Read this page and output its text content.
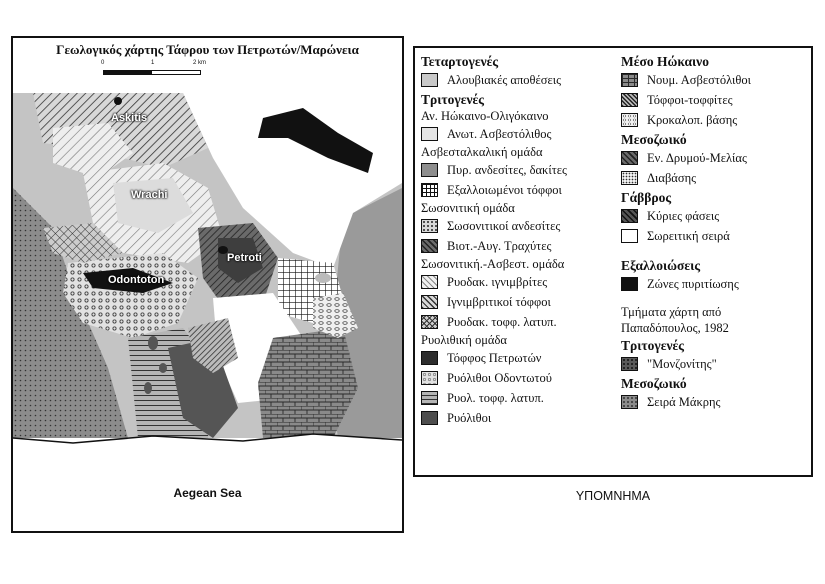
Γεωλογικός χάρτης Τάφρου των Πετρωτών/Μαρώνεια
0	1	2 km
Askitis
Wrachi
Petroti
Odontoton
Aegean Sea
Τεταρτογενές
Αλουβιακές αποθέσεις
Τριτογενές
Αν. Ηώκαινο-Ολιγόκαινο
Ανωτ. Ασβεστόλιθος
Ασβεσταλκαλική ομάδα
Πυρ. ανδεσίτες, δακίτες
Εξαλλοιωμένοι τόφφοι
Σωσονιτική ομάδα
Σωσονιτικοί ανδεσίτες
Βιοτ.-Αυγ. Τραχύτες
Σωσονιτική.-Ασβεστ. ομάδα
Ρυοδακ. ιγνιμβρίτες
Ιγνιμβριτικοί τόφφοι
Ρυοδακ. τοφφ. λατυπ.
Ρυολιθική ομάδα
Τόφφος Πετρωτών
Ρυόλιθοι Οδοντωτού
Ρυολ. τοφφ. λατυπ.
Ρυόλιθοι
Μέσο Ηώκαινο
Νουμ. Ασβεστόλιθοι
Τόφφοι-τοφφίτες
Κροκαλοπ. βάσης
Μεσοζωικό
Εν. Δρυμού-Μελίας
Διαβάσης
Γάββρος
Κύριες φάσεις
Σωρειτική σειρά
Εξαλλοιώσεις
Ζώνες πυριτίωσης
Τμήματα χάρτη από
Παπαδόπουλος, 1982
Τριτογενές
"Μονζονίτης"
Μεσοζωικό
Σειρά Μάκρης
ΥΠΟΜΝΗΜΑ
